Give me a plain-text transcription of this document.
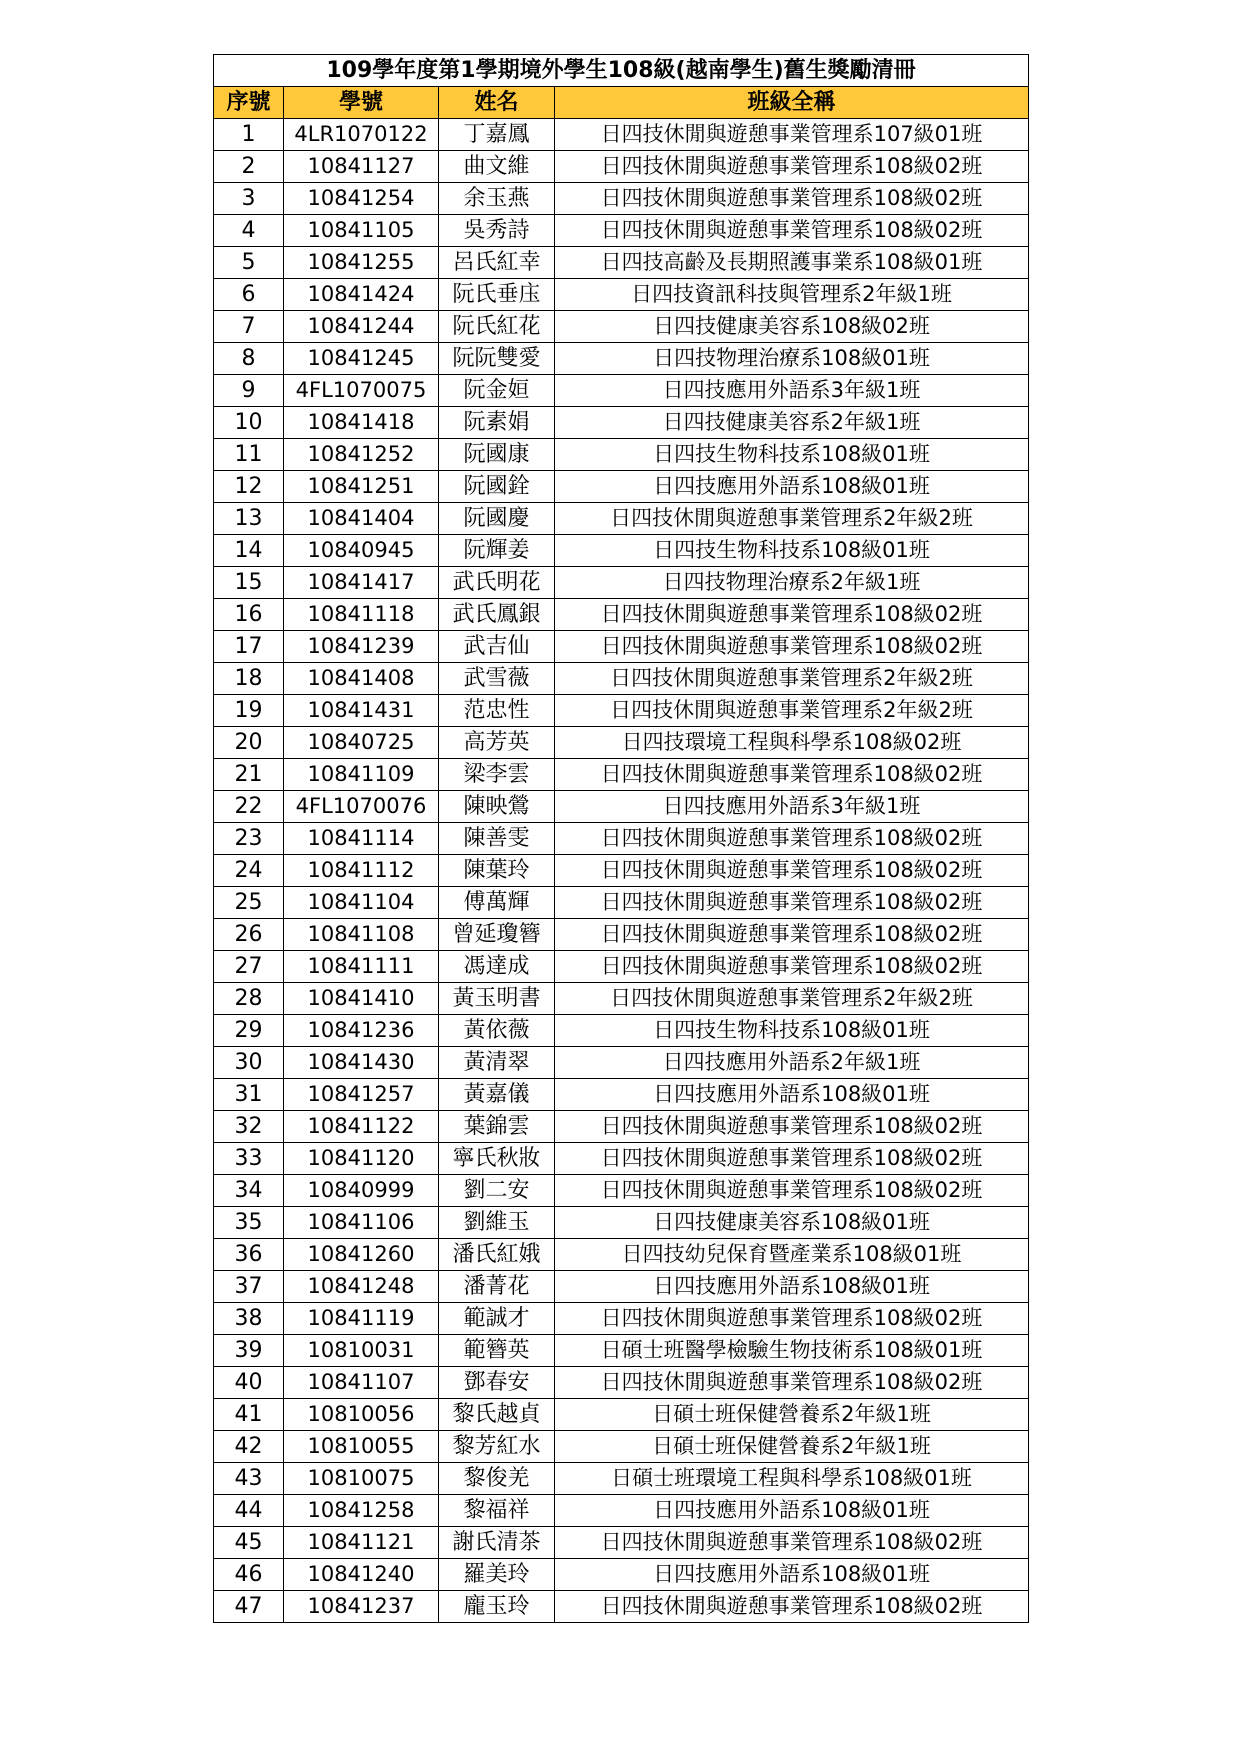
109學年度第1學期境外學生108級(越南學生)舊生獎勵清冊			
序號	學號	姓名	班級全稱
1	4LR1070122	丁嘉鳳	日四技休閒與遊憩事業管理系107級01班
2	10841127	曲文維	日四技休閒與遊憩事業管理系108級02班
3	10841254	余玉燕	日四技休閒與遊憩事業管理系108級02班
4	10841105	吳秀詩	日四技休閒與遊憩事業管理系108級02班
5	10841255	呂氏紅幸	日四技高齡及長期照護事業系108級01班
6	10841424	阮氏垂庒	日四技資訊科技與管理系2年級1班
7	10841244	阮氏紅花	日四技健康美容系108級02班
8	10841245	阮阮雙愛	日四技物理治療系108級01班
9	4FL1070075	阮金姮	日四技應用外語系3年級1班
10	10841418	阮素娟	日四技健康美容系2年級1班
11	10841252	阮國康	日四技生物科技系108級01班
12	10841251	阮國銓	日四技應用外語系108級01班
13	10841404	阮國慶	日四技休閒與遊憩事業管理系2年級2班
14	10840945	阮輝姜	日四技生物科技系108級01班
15	10841417	武氏明花	日四技物理治療系2年級1班
16	10841118	武氏鳳銀	日四技休閒與遊憩事業管理系108級02班
17	10841239	武吉仙	日四技休閒與遊憩事業管理系108級02班
18	10841408	武雪薇	日四技休閒與遊憩事業管理系2年級2班
19	10841431	范忠性	日四技休閒與遊憩事業管理系2年級2班
20	10840725	高芳英	日四技環境工程與科學系108級02班
21	10841109	梁李雲	日四技休閒與遊憩事業管理系108級02班
22	4FL1070076	陳映鶯	日四技應用外語系3年級1班
23	10841114	陳善雯	日四技休閒與遊憩事業管理系108級02班
24	10841112	陳葉玲	日四技休閒與遊憩事業管理系108級02班
25	10841104	傅萬輝	日四技休閒與遊憩事業管理系108級02班
26	10841108	曾延瓊簪	日四技休閒與遊憩事業管理系108級02班
27	10841111	馮達成	日四技休閒與遊憩事業管理系108級02班
28	10841410	黃玉明書	日四技休閒與遊憩事業管理系2年級2班
29	10841236	黃依薇	日四技生物科技系108級01班
30	10841430	黃清翠	日四技應用外語系2年級1班
31	10841257	黃嘉儀	日四技應用外語系108級01班
32	10841122	葉錦雲	日四技休閒與遊憩事業管理系108級02班
33	10841120	寧氏秋妝	日四技休閒與遊憩事業管理系108級02班
34	10840999	劉二安	日四技休閒與遊憩事業管理系108級02班
35	10841106	劉維玉	日四技健康美容系108級01班
36	10841260	潘氏紅娥	日四技幼兒保育暨產業系108級01班
37	10841248	潘菁花	日四技應用外語系108級01班
38	10841119	範誠才	日四技休閒與遊憩事業管理系108級02班
39	10810031	範簪英	日碩士班醫學檢驗生物技術系108級01班
40	10841107	鄧春安	日四技休閒與遊憩事業管理系108級02班
41	10810056	黎氏越貞	日碩士班保健營養系2年級1班
42	10810055	黎芳紅水	日碩士班保健營養系2年級1班
43	10810075	黎俊羌	日碩士班環境工程與科學系108級01班
44	10841258	黎福祥	日四技應用外語系108級01班
45	10841121	謝氏清茶	日四技休閒與遊憩事業管理系108級02班
46	10841240	羅美玲	日四技應用外語系108級01班
47	10841237	龐玉玲	日四技休閒與遊憩事業管理系108級02班
